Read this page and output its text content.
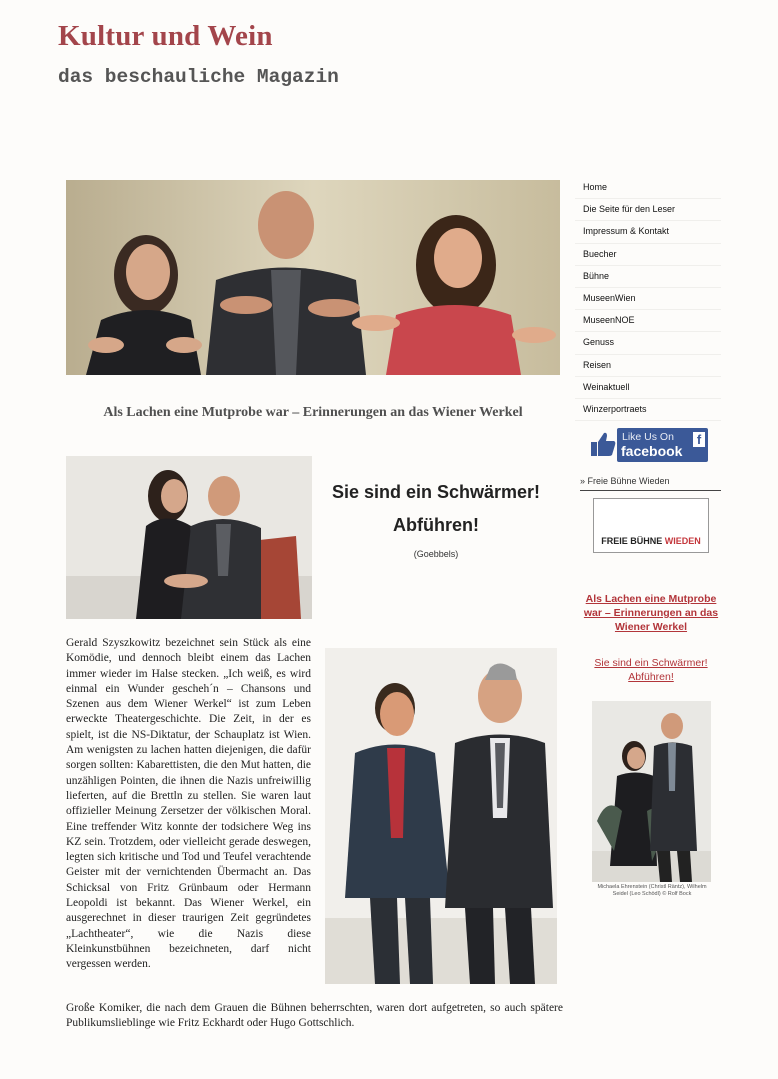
Kultur und Wein
das beschauliche Magazin
Als Lachen eine Mutprobe war – Erinnerungen an das Wiener Werkel
Sie sind ein Schwärmer!
Abführen!
(Goebbels)
Gerald Szyszkowitz bezeichnet sein Stück als eine Komödie, und dennoch bleibt einem das Lachen immer wieder im Halse stecken. „Ich weiß, es wird einmal ein Wunder gescheh´n – Chansons und Szenen aus dem Wiener Werkel“ ist zum Leben erweckte Theatergeschichte. Die Zeit, in der es spielt, ist die NS-Diktatur, der Schauplatz ist Wien. Am wenigsten zu lachen hatten diejenigen, die dafür sorgen sollten: Kabarettisten, die den Mut hatten, die unzähligen Pointen, die ihnen die Nazis unfreiwillig lieferten, auf die Brettln zu stellen. Sie waren laut offizieller Meinung Zersetzer der völkischen Moral. Eine treffender Witz konnte der todsichere Weg ins KZ sein. Trotzdem, oder vielleicht gerade deswegen, legten sich kritische und Tod und Teufel verachtende Geister mit der vernichtenden Übermacht an. Das Schicksal von Fritz Grünbaum oder Hermann Leopoldi ist bekannt. Das Wiener Werkel, ein ausgerechnet in dieser traurigen Zeit gegründetes „Lachtheater“, wie die Nazis diese Kleinkunstbühnen bezeichneten, darf nicht vergessen werden.
Große Komiker, die nach dem Grauen die Bühnen beherrschten, waren dort aufgetreten, so auch spätere Publikumslieblinge wie Fritz Eckhardt oder Hugo Gottschlich.
Home
Die Seite für den Leser
Impressum & Kontakt
Buecher
Bühne
MuseenWien
MuseenNOE
Genuss
Reisen
Weinaktuell
Winzerportraets
Like Us On
facebook
f
» Freie Bühne Wieden
FREIE BÜHNE WIEDEN
Als Lachen eine Mutprobe war – Erinnerungen an das Wiener Werkel
Sie sind ein Schwärmer! Abführen!
Michaela Ehrenstein (Christl Räntz), Wilhelm Seidel (Leo Schödl) © Rolf Bock
